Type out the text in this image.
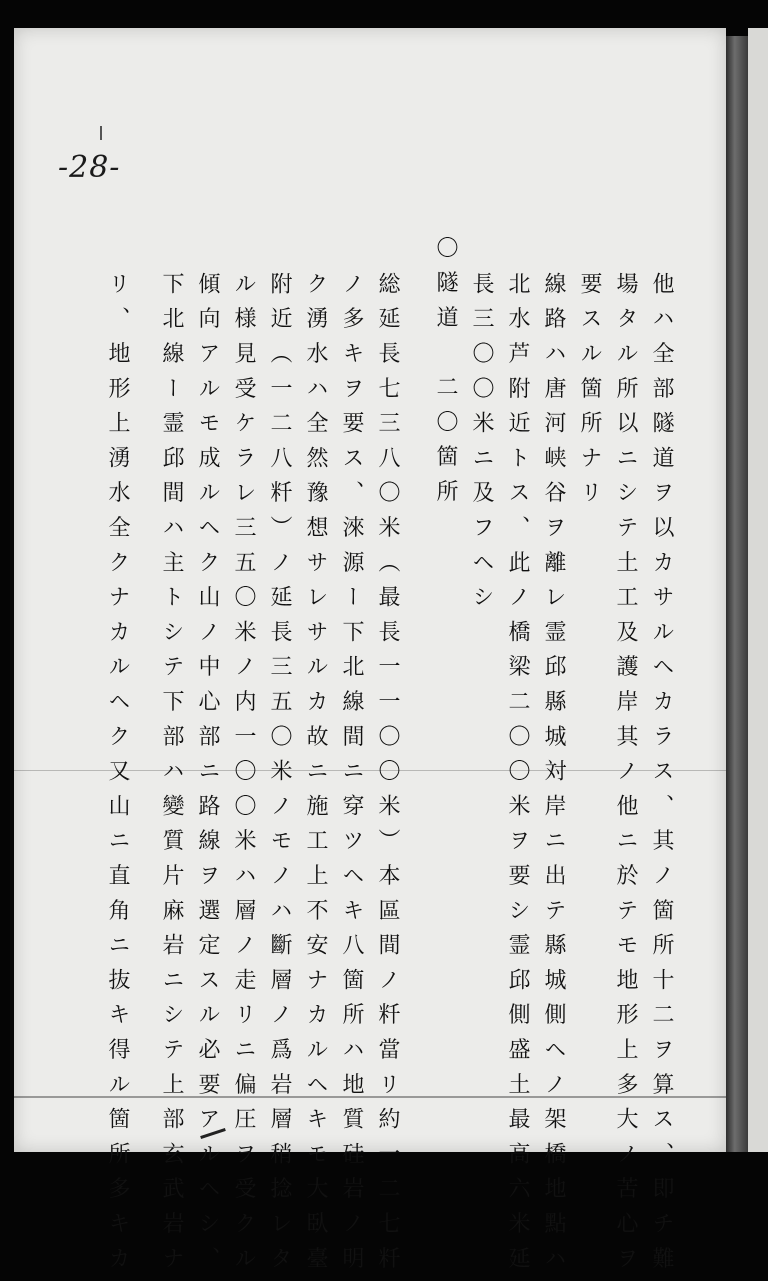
-28-
他ハ全部隧道ヲ以カサルヘカラス、其ノ箇所十二ヲ算ス、即チ難
場タル所以ニシテ土工及護岸其ノ他ニ於テモ地形上多大ノ苦心ヲ
要スル箇所ナリ
線路ハ唐河峡谷ヲ離レ霊邱縣城対岸ニ出テ縣城側ヘノ架橋地點ハ
北水芦附近トス、此ノ橋梁二〇〇米ヲ要シ霊邱側盛土最高六米延
長三〇〇米ニ及フヘシ
〇隧道　二〇箇所
総延長七三八〇米（最長一一〇〇米）本區間ノ粁當リ約一二七粁
ノ多キヲ要ス、淶源ー下北線間ニ穿ツヘキ八箇所ハ地質硅岩ノ明
ク湧水ハ全然豫想サレサルカ故ニ施工上不安ナカルヘキモ大臥臺
附近（一二八粁）ノ延長三五〇米ノモノハ斷層ノ爲岩層稍捻レタ
ル様見受ケラレ三五〇米ノ内一〇〇米ハ層ノ走リニ偏圧ヲ受クル
傾向アルモ成ルヘク山ノ中心部ニ路線ヲ選定スル必要アルヘシ、
下北線ー霊邱間ハ主トシテ下部ハ變質片麻岩ニシテ上部玄武岩ナ
リ、地形上湧水全クナカルヘク又山ニ直角ニ抜キ得ル箇所多キカ
